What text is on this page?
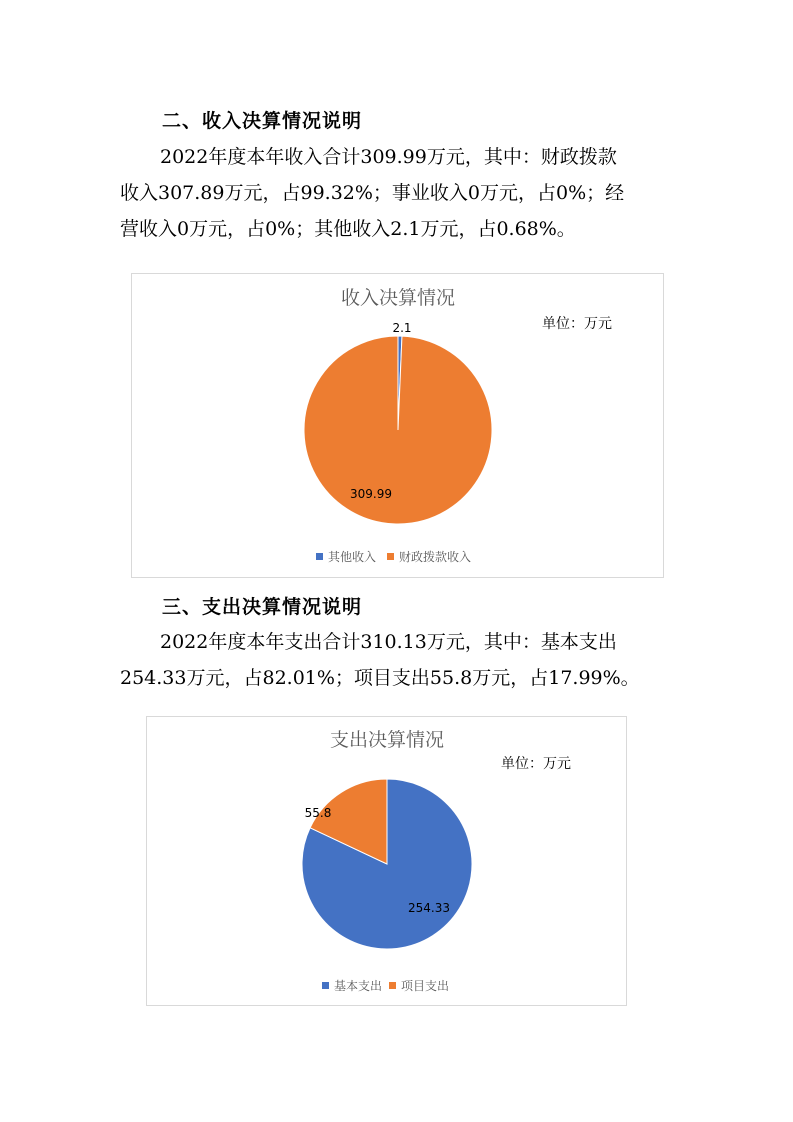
二、收入决算情况说明
2022年度本年收入合计309.99万元，其中：财政拨款
收入307.89万元，占99.32%；事业收入0万元，占0%；经
营收入0万元，占0%；其他收入2.1万元，占0.68%。
收入决算情况
单位：万元
2.1
309.99
其他收入 财政拨款收入
三、支出决算情况说明
2022年度本年支出合计310.13万元，其中：基本支出
254.33万元，占82.01%；项目支出55.8万元，占17.99%。
支出决算情况
单位：万元
254.33
55.8
基本支出 项目支出
